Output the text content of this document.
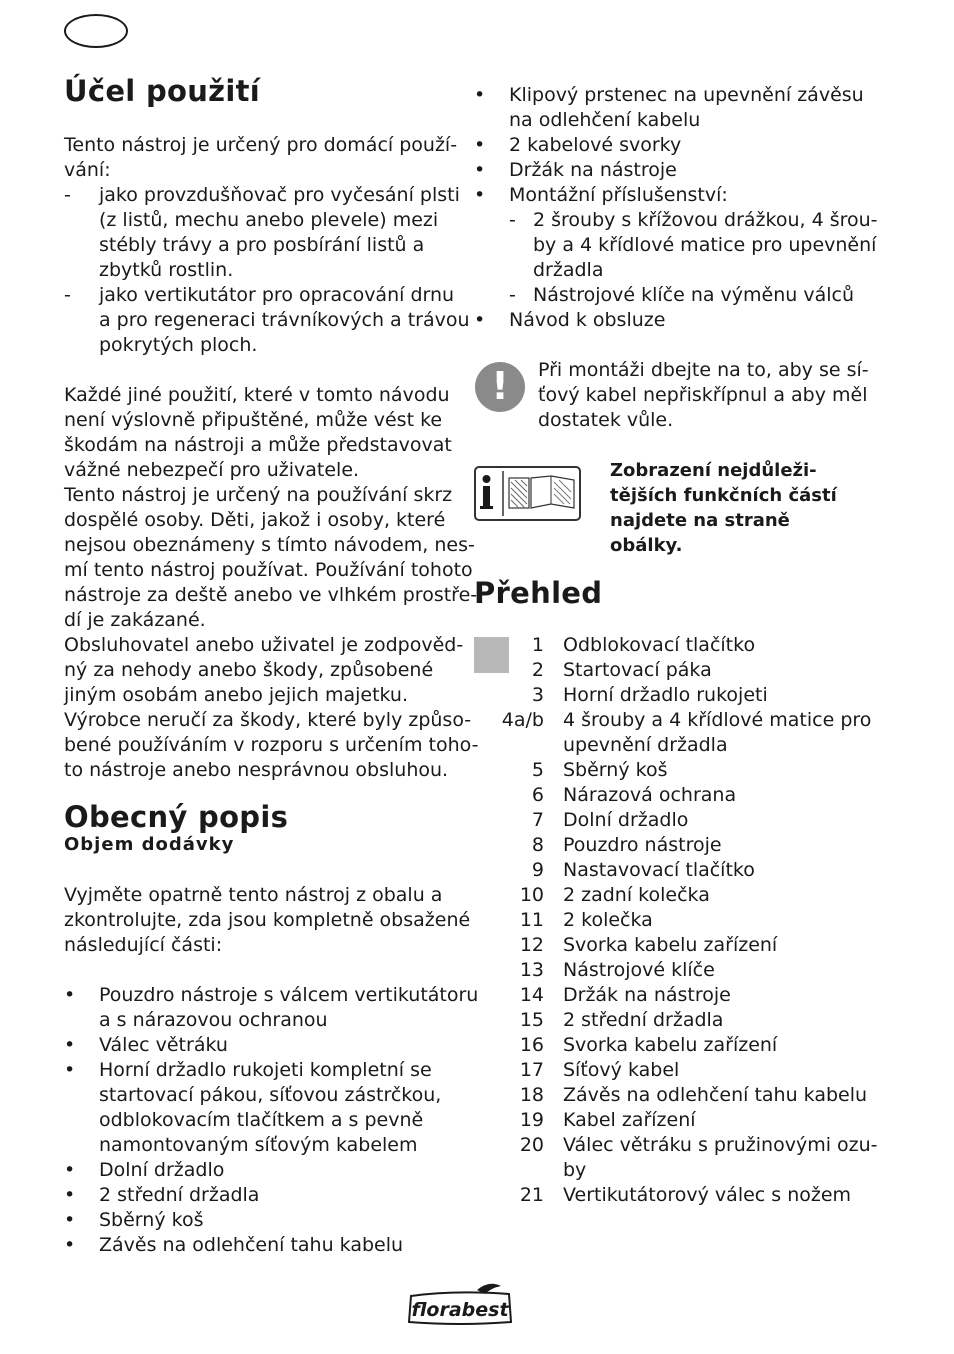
Účel použití
Tento nástroj je určený pro domácí použí-
vání:
- jako provzdušňovač pro vyčesání plsti
(z listů, mechu anebo plevele) mezi
stébly trávy a pro posbírání listů a
zbytků rostlin.
- jako vertikutátor pro opracování drnu
a pro regeneraci trávníkových a trávou
pokrytých ploch.
Každé jiné použití, které v tomto návodu
není výslovně připuštěné, může vést ke
škodám na nástroji a může představovat
vážné nebezpečí pro uživatele.
Tento nástroj je určený na používání skrz
dospělé osoby. Děti, jakož i osoby, které
nejsou obeznámeny s tímto návodem, nes-
mí tento nástroj používat. Používání tohoto
nástroje za deště anebo ve vlhkém prostře-
dí je zakázané.
Obsluhovatel anebo uživatel je zodpověd-
ný za nehody anebo škody, způsobené
jiným osobám anebo jejich majetku.
Výrobce neručí za škody, které byly způso-
bené používáním v rozporu s určením toho-
to nástroje anebo nesprávnou obsluhou.
Obecný popis
Objem dodávky
Vyjměte opatrně tento nástroj z obalu a
zkontrolujte, zda jsou kompletně obsažené
následující části:
• Pouzdro nástroje s válcem vertikutátoru
a s nárazovou ochranou
• Válec větráku
• Horní držadlo rukojeti kompletní se
startovací pákou, síťovou zástrčkou,
odblokovacím tlačítkem a s pevně
namontovaným síťovým kabelem
• Dolní držadlo
• 2 střední držadla
• Sběrný koš
• Závěs na odlehčení tahu kabelu
• Klipový prstenec na upevnění závěsu
na odlehčení kabelu
• 2 kabelové svorky
• Držák na nástroje
• Montážní příslušenství:
- 2 šrouby s křížovou drážkou, 4 šrou-
by a 4 křídlové matice pro upevnění
držadla
- Nástrojové klíče na výměnu válců
• Návod k obsluze
!	Při montáži dbejte na to, aby se sí-
ťový kabel nepřiskřípnul a aby měl
dostatek vůle.
Zobrazení nejdůleži-
tějších funkčních částí
najdete na straně
obálky.
Přehled
1 Odblokovací tlačítko
2 Startovací páka
3 Horní držadlo rukojeti
4a/b 4 šrouby a 4 křídlové matice pro
upevnění držadla
5 Sběrný koš
6 Nárazová ochrana
7 Dolní držadlo
8 Pouzdro nástroje
9 Nastavovací tlačítko
10 2 zadní kolečka
11 2 kolečka
12 Svorka kabelu zařízení
13 Nástrojové klíče
14 Držák na nástroje
15 2 střední držadla
16 Svorka kabelu zařízení
17 Síťový kabel
18 Závěs na odlehčení tahu kabelu
19 Kabel zařízení
20 Válec větráku s pružinovými ozu-
by
21 Vertikutátorový válec s nožem
florabest
